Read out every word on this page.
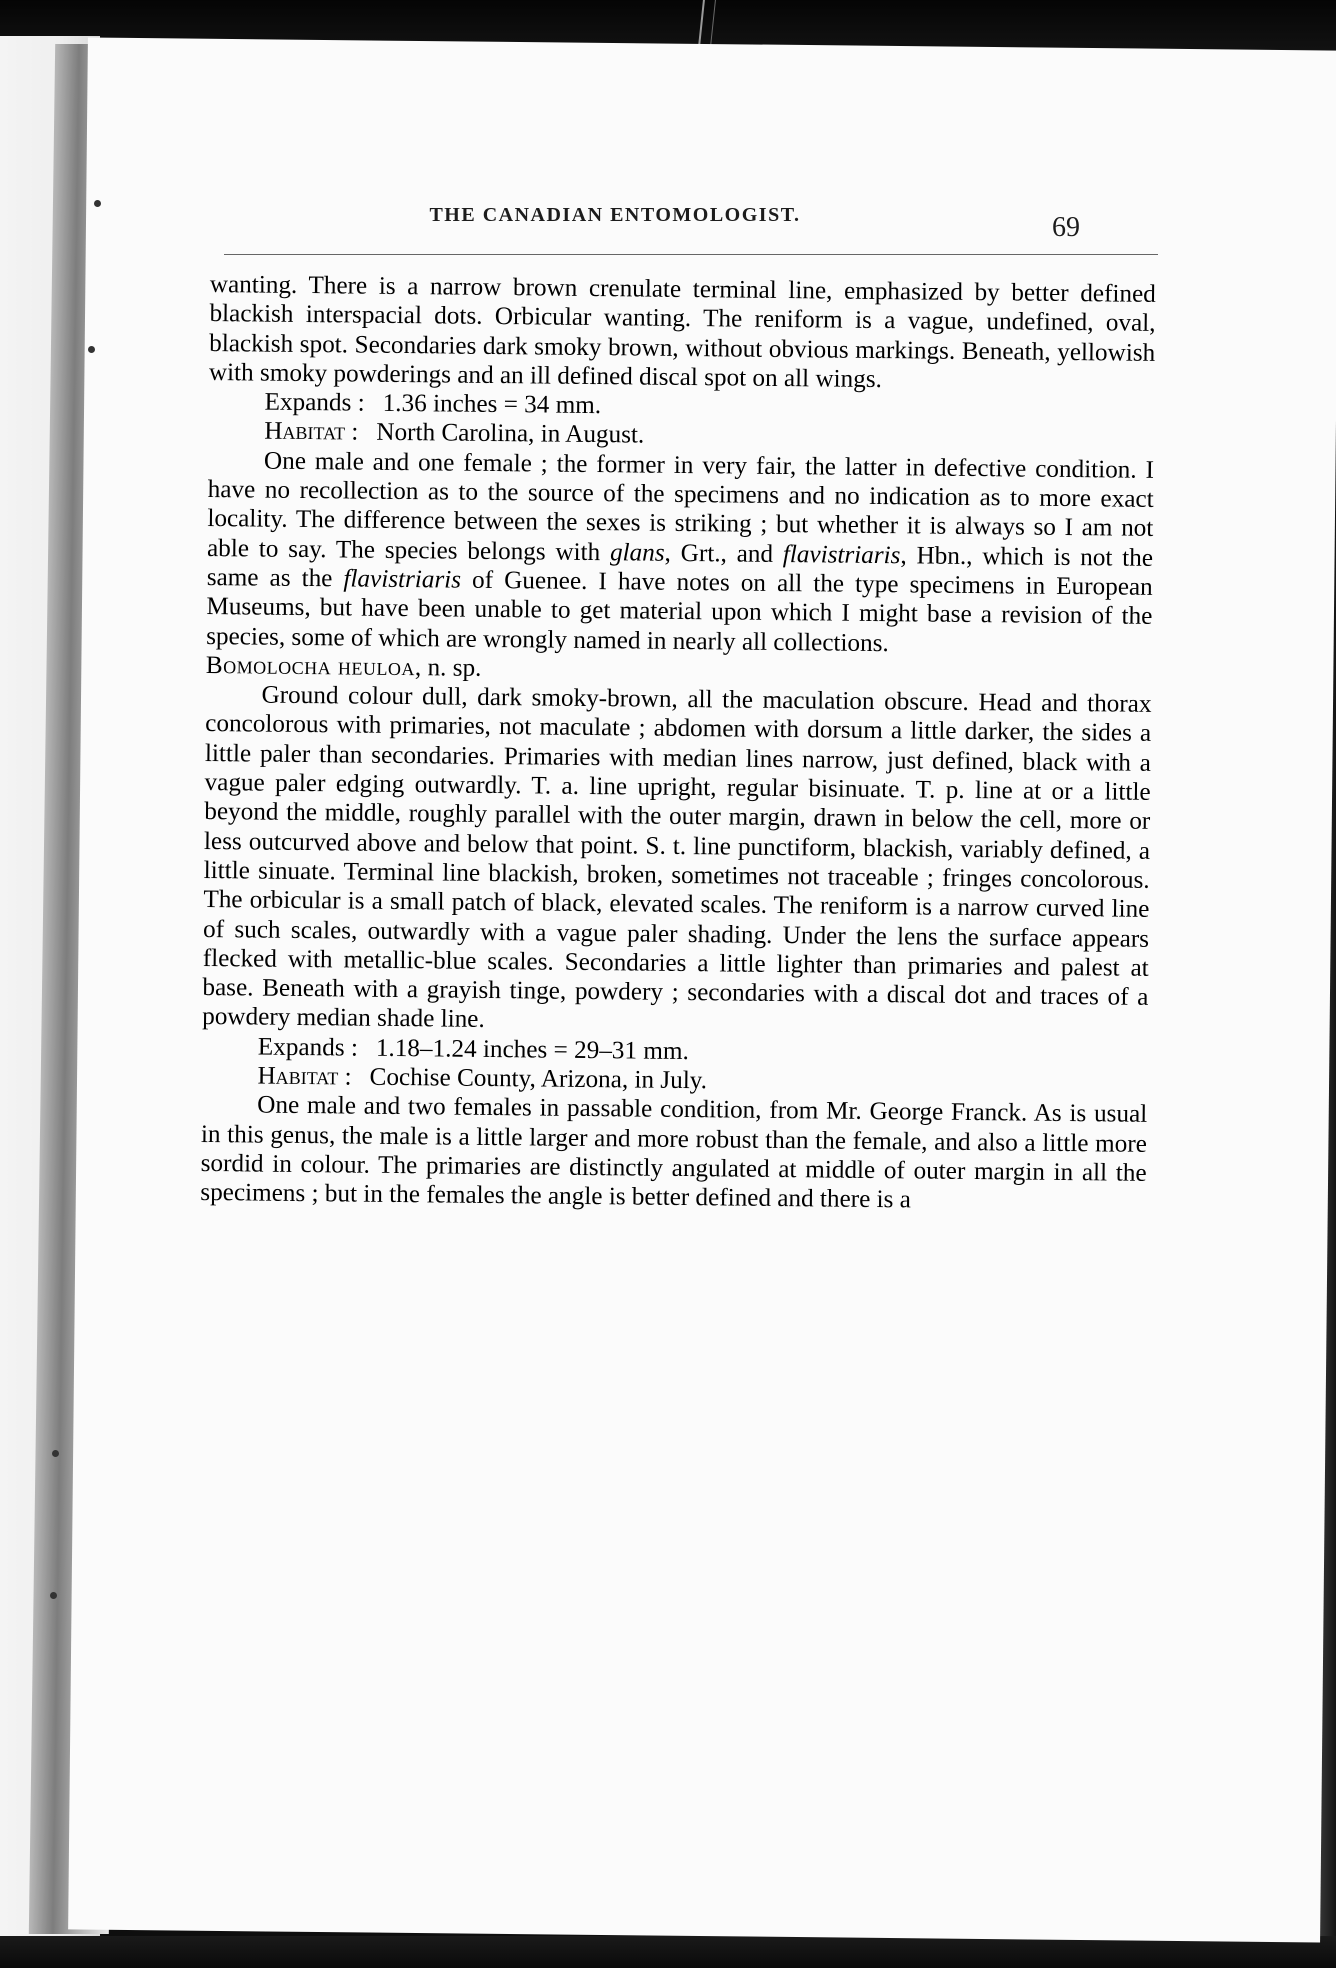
THE CANADIAN ENTOMOLOGIST.	69

wanting. There is a narrow brown crenulate terminal line, emphasized by better defined blackish interspacial dots. Orbicular wanting. The reniform is a vague, undefined, oval, blackish spot. Secondaries dark smoky brown, without obvious markings. Beneath, yellowish with smoky powderings and an ill defined discal spot on all wings.

Expands : 1.36 inches = 34 mm.

Habitat : North Carolina, in August.

One male and one female ; the former in very fair, the latter in defective condition. I have no recollection as to the source of the specimens and no indication as to more exact locality. The difference between the sexes is striking ; but whether it is always so I am not able to say. The species belongs with glans, Grt., and flavistriaris, Hbn., which is not the same as the flavistriaris of Guenee. I have notes on all the type specimens in European Museums, but have been unable to get material upon which I might base a revision of the species, some of which are wrongly named in nearly all collections.

Bomolocha heuloa, n. sp.

Ground colour dull, dark smoky-brown, all the maculation obscure. Head and thorax concolorous with primaries, not maculate ; abdomen with dorsum a little darker, the sides a little paler than secondaries. Primaries with median lines narrow, just defined, black with a vague paler edging outwardly. T. a. line upright, regular bisinuate. T. p. line at or a little beyond the middle, roughly parallel with the outer margin, drawn in below the cell, more or less outcurved above and below that point. S. t. line punctiform, blackish, variably defined, a little sinuate. Terminal line blackish, broken, sometimes not traceable ; fringes concolorous. The orbicular is a small patch of black, elevated scales. The reniform is a narrow curved line of such scales, outwardly with a vague paler shading. Under the lens the surface appears flecked with metallic-blue scales. Secondaries a little lighter than primaries and palest at base. Beneath with a grayish tinge, powdery ; secondaries with a discal dot and traces of a powdery median shade line.

Expands : 1.18–1.24 inches = 29–31 mm.

Habitat : Cochise County, Arizona, in July.

One male and two females in passable condition, from Mr. George Franck. As is usual in this genus, the male is a little larger and more robust than the female, and also a little more sordid in colour. The primaries are distinctly angulated at middle of outer margin in all the specimens ; but in the females the angle is better defined and there is a
